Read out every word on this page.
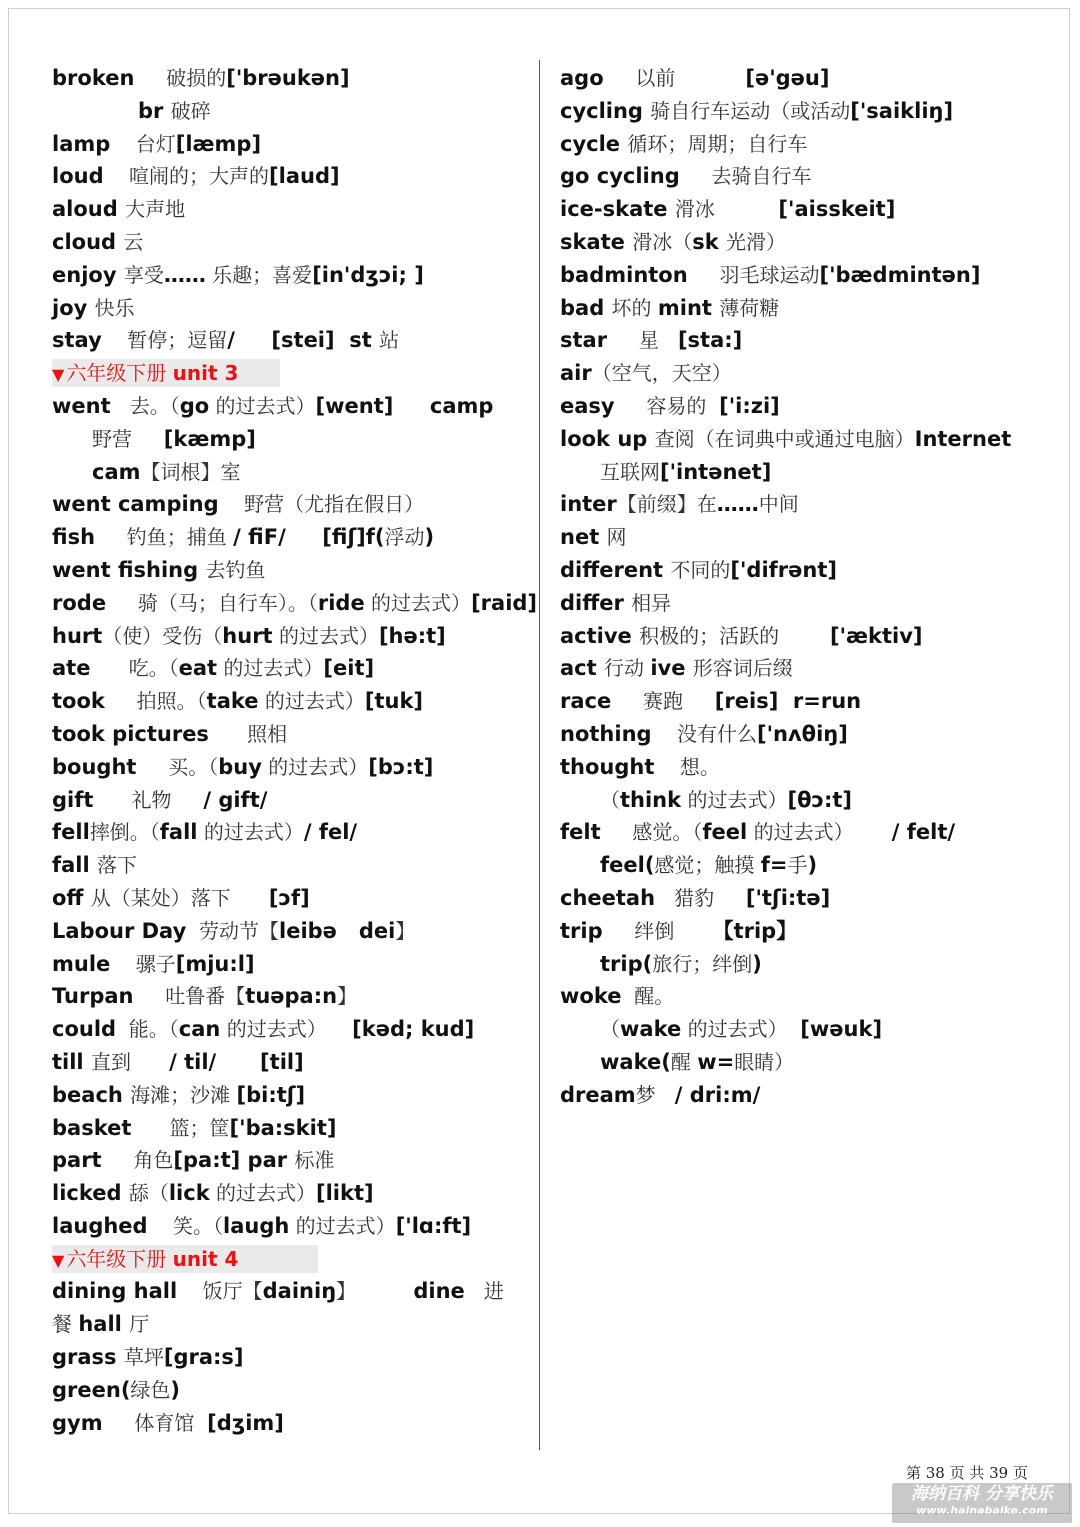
broken     破损的['brəukən]
br 破碎
lamp    台灯[læmp]
loud    喧闹的；大声的[laud]
aloud 大声地
cloud 云
enjoy 享受…… 乐趣；喜爱[in'dʒɔi; ]
joy 快乐
stay    暂停；逗留/     [stei]  st 站
▼ 六年级下册 unit 3
went   去。（go 的过去式）[went]     camp
野营     [kæmp]
cam【词根】室
went camping    野营（尤指在假日）
fish     钓鱼；捕鱼 / fiF/     [fiʃ]f(浮动)
went fishing 去钓鱼
rode     骑（马；自行车）。（ride 的过去式）[raid]
hurt（使）受伤（hurt 的过去式）[hə:t]
ate      吃。（eat 的过去式）[eit]
took     拍照。（take 的过去式）[tuk]
took pictures      照相
bought     买。（buy 的过去式）[bɔ:t]
gift      礼物     / gift/
fell摔倒。（fall 的过去式）/ fel/
fall 落下
off 从（某处）落下      [ɔf]
Labour Day  劳动节【leibə   dei】
mule    骡子[mju:l]
Turpan     吐鲁番【tuəpa:n】
could  能。（can 的过去式）    [kəd; kud]
till 直到      / til/      [til]
beach 海滩；沙滩 [bi:tʃ]
basket      篮；筐['ba:skit]
part     角色[pa:t] par 标准
licked 舔（lick 的过去式）[likt]
laughed    笑。（laugh 的过去式）['lɑ:ft]
▼ 六年级下册 unit 4
dining hall    饭厅【dainiŋ】         dine   进
餐 hall 厅
grass 草坪[gra:s]
green(绿色)
gym     体育馆  [dʒim]
ago     以前           [ə'gəu]
cycling 骑自行车运动（或活动['saikliŋ]
cycle 循环；周期；自行车
go cycling     去骑自行车
ice-skate 滑冰          ['aisskeit]
skate 滑冰（sk 光滑）
badminton     羽毛球运动['bædmintən]
bad 坏的 mint 薄荷糖
star     星   [sta:]
air（空气，天空）
easy     容易的  ['i:zi]
look up 查阅（在词典中或通过电脑）Internet
互联网['intənet]
inter【前缀】在……中间
net 网
different 不同的['difrənt]
differ 相异
active 积极的；活跃的        ['æktiv]
act 行动 ive 形容词后缀
race     赛跑     [reis]  r=run
nothing    没有什么['nʌθiŋ]
thought    想。
（think 的过去式）[θɔ:t]
felt     感觉。（feel 的过去式）      / felt/
feel(感觉；触摸 f=手)
cheetah   猎豹     ['tʃi:tə]
trip     绊倒      【trip】
trip(旅行；绊倒)
woke  醒。
（wake 的过去式）  [wəuk]
wake(醒 w=眼睛）
dream梦   / dri:m/
第 38 页 共 39 页
海纳百科 分享快乐
www.hainabaike.com
